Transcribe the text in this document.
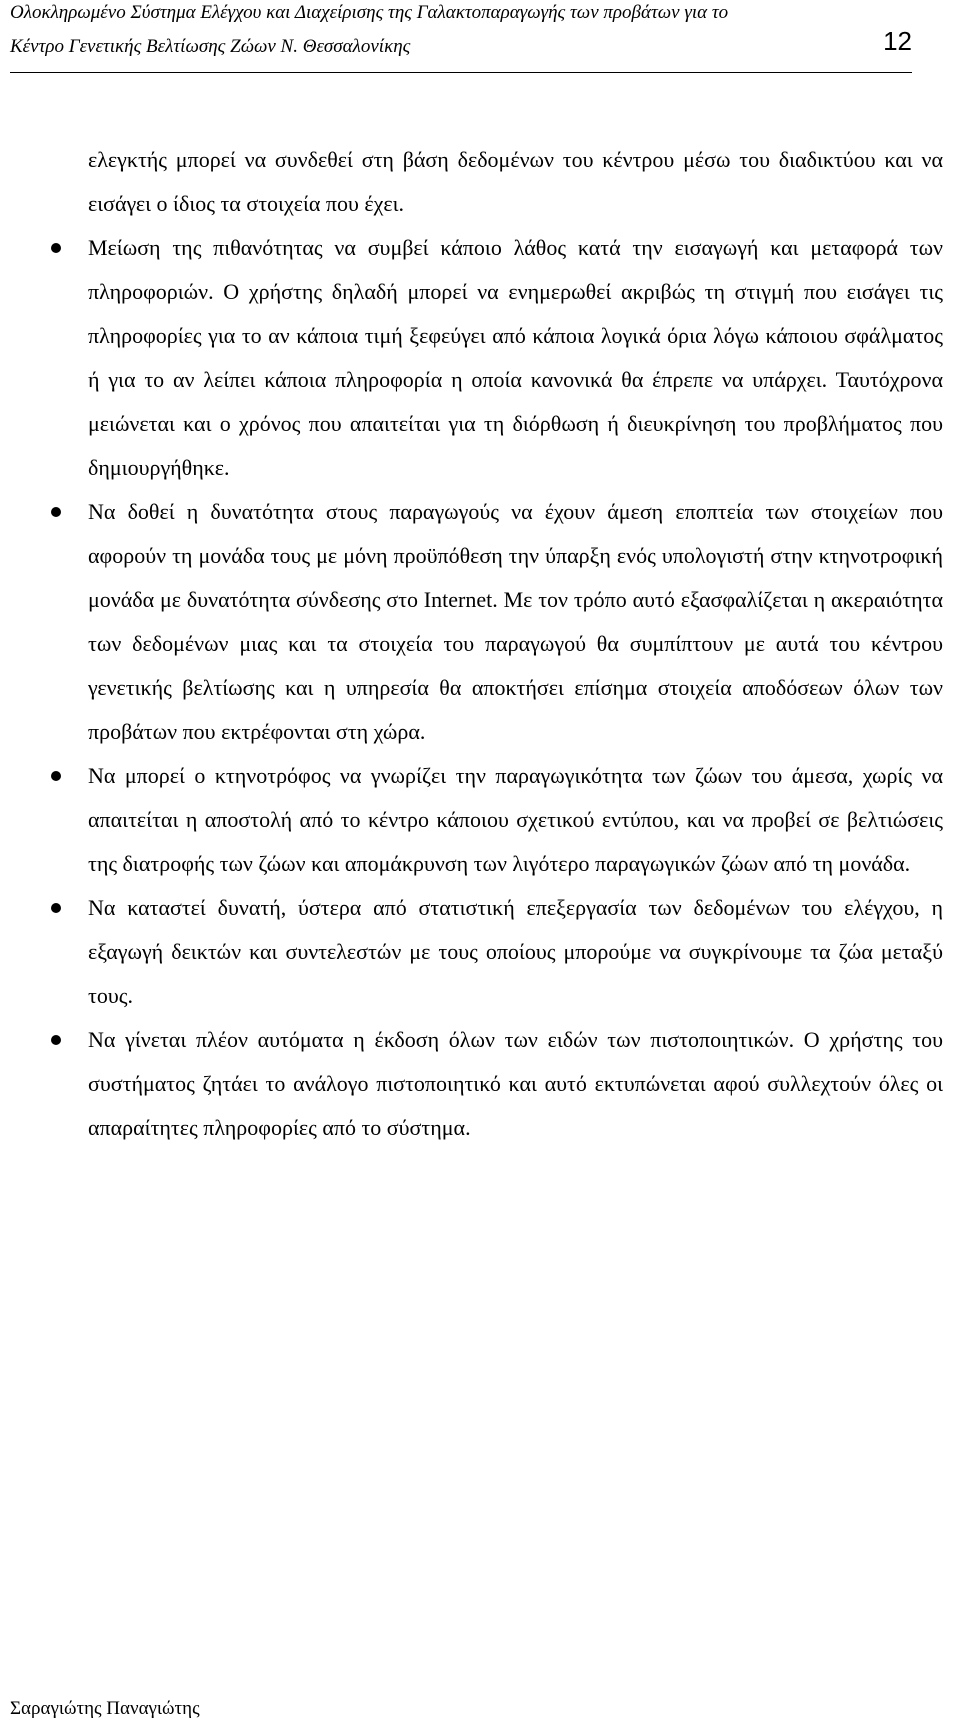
Ολοκληρωμένο Σύστημα Ελέγχου και Διαχείρισης της Γαλακτοπαραγωγής των προβάτων για το
Κέντρο Γενετικής Βελτίωσης Ζώων Ν. Θεσσαλονίκης	12

ελεγκτής μπορεί να συνδεθεί στη βάση δεδομένων του κέντρου μέσω του διαδικτύου και να εισάγει ο ίδιος τα στοιχεία που έχει.

Μείωση της πιθανότητας να συμβεί κάποιο λάθος κατά την εισαγωγή και μεταφορά των πληροφοριών. Ο χρήστης δηλαδή μπορεί να ενημερωθεί ακριβώς τη στιγμή που εισάγει τις πληροφορίες για το αν κάποια τιμή ξεφεύγει από κάποια λογικά όρια λόγω κάποιου σφάλματος ή για το αν λείπει κάποια πληροφορία η οποία κανονικά θα έπρεπε να υπάρχει. Ταυτόχρονα μειώνεται και ο χρόνος που απαιτείται για τη διόρθωση ή διευκρίνηση του προβλήματος που δημιουργήθηκε.
Να δοθεί η δυνατότητα στους παραγωγούς να έχουν άμεση εποπτεία των στοιχείων που αφορούν τη μονάδα τους με μόνη προϋπόθεση την ύπαρξη ενός υπολογιστή στην κτηνοτροφική μονάδα με δυνατότητα σύνδεσης στο Internet. Με τον τρόπο αυτό εξασφαλίζεται η ακεραιότητα των δεδομένων μιας και τα στοιχεία του παραγωγού θα συμπίπτουν με αυτά του κέντρου γενετικής βελτίωσης και η υπηρεσία θα αποκτήσει επίσημα στοιχεία αποδόσεων όλων των προβάτων που εκτρέφονται στη χώρα.
Να μπορεί ο κτηνοτρόφος να γνωρίζει την παραγωγικότητα των ζώων του άμεσα, χωρίς να απαιτείται η αποστολή από το κέντρο κάποιου σχετικού εντύπου, και να προβεί σε βελτιώσεις της διατροφής των ζώων και απομάκρυνση των λιγότερο παραγωγικών ζώων από τη μονάδα.
Να καταστεί δυνατή, ύστερα από στατιστική επεξεργασία των δεδομένων του ελέγχου, η εξαγωγή δεικτών και συντελεστών με τους οποίους μπορούμε να συγκρίνουμε τα ζώα μεταξύ τους.
Να γίνεται πλέον αυτόματα η έκδοση όλων των ειδών των πιστοποιητικών. Ο χρήστης του συστήματος ζητάει το ανάλογο πιστοποιητικό και αυτό εκτυπώνεται αφού συλλεχτούν όλες οι απαραίτητες πληροφορίες από το σύστημα.
Σαραγιώτης Παναγιώτης
